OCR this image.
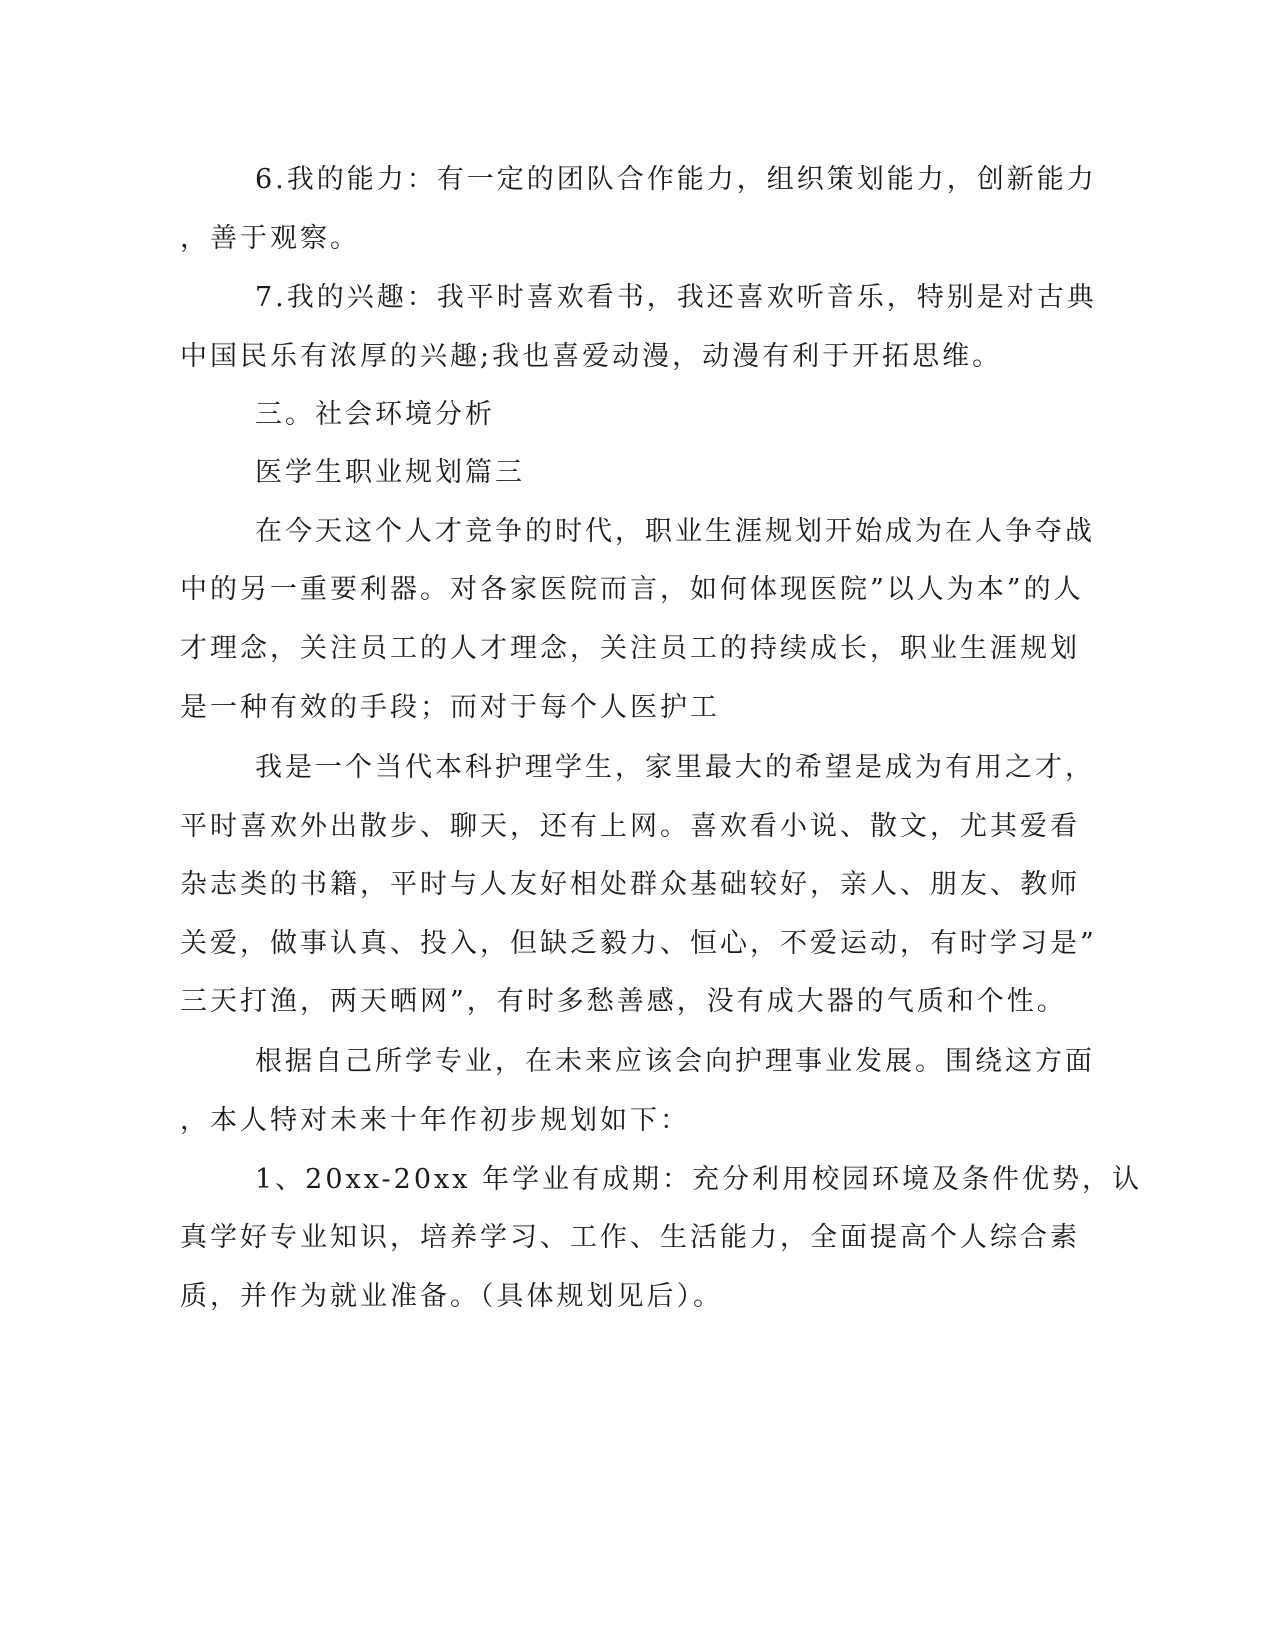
6.我的能力：有一定的团队合作能力，组织策划能力，创新能力
，善于观察。
7.我的兴趣：我平时喜欢看书，我还喜欢听音乐，特别是对古典
中国民乐有浓厚的兴趣;我也喜爱动漫，动漫有利于开拓思维。
三。社会环境分析
医学生职业规划篇三
在今天这个人才竞争的时代，职业生涯规划开始成为在人争夺战
中的另一重要利器。对各家医院而言，如何体现医院”以人为本”的人
才理念，关注员工的人才理念，关注员工的持续成长，职业生涯规划
是一种有效的手段；而对于每个人医护工
我是一个当代本科护理学生，家里最大的希望是成为有用之才，
平时喜欢外出散步、聊天，还有上网。喜欢看小说、散文，尤其爱看
杂志类的书籍，平时与人友好相处群众基础较好，亲人、朋友、教师
关爱，做事认真、投入，但缺乏毅力、恒心，不爱运动，有时学习是”
三天打渔，两天晒网”，有时多愁善感，没有成大器的气质和个性。
根据自己所学专业，在未来应该会向护理事业发展。围绕这方面
，本人特对未来十年作初步规划如下：
1、20xx-20xx 年学业有成期：充分利用校园环境及条件优势，认
真学好专业知识，培养学习、工作、生活能力，全面提高个人综合素
质，并作为就业准备。（具体规划见后）。
